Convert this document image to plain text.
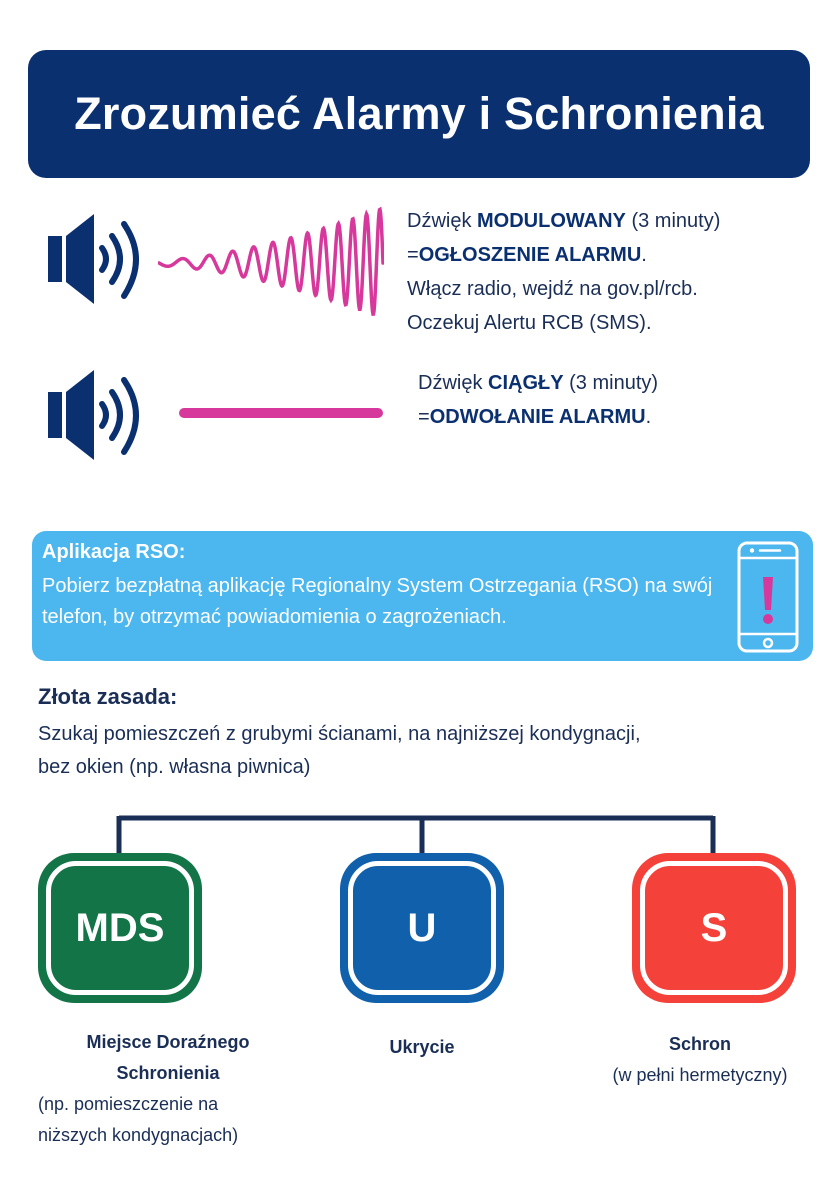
Zrozumieć Alarmy i Schronienia
Dźwięk MODULOWANY (3 minuty)
=OGŁOSZENIE ALARMU.
Włącz radio, wejdź na gov.pl/rcb.
Oczekuj Alertu RCB (SMS).
Dźwięk CIĄGŁY (3 minuty)
=ODWOŁANIE ALARMU.
Aplikacja RSO:
Pobierz bezpłatną aplikację Regionalny System Ostrzegania (RSO) na swój telefon, by otrzymać powiadomienia o zagrożeniach.
Złota zasada:
Szukaj pomieszczeń z grubymi ścianami, na najniższej kondygnacji,
bez okien (np. własna piwnica)
MDS	U	S
Miejsce Doraźnego
Schronienia
(np. pomieszczenie na
niższych kondygnacjach)
Ukrycie	Schron
(w pełni hermetyczny)
